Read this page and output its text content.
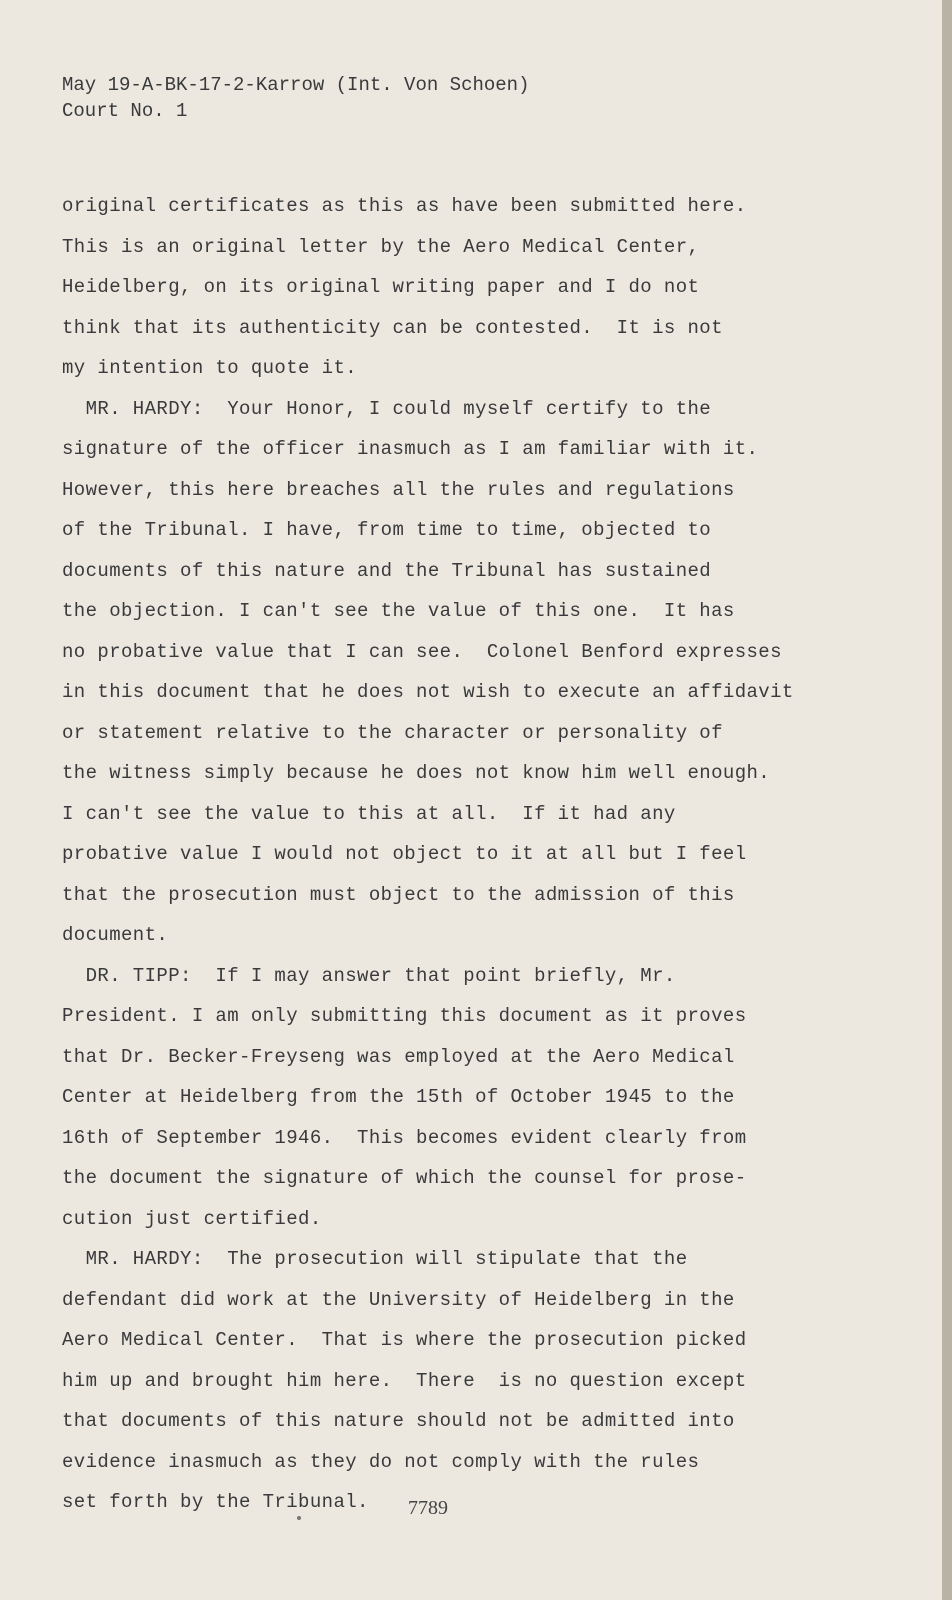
May 19-A-BK-17-2-Karrow (Int. Von Schoen)
Court No. 1
original certificates as this as have been submitted here.
This is an original letter by the Aero Medical Center,
Heidelberg, on its original writing paper and I do not
think that its authenticity can be contested.  It is not
my intention to quote it.
MR. HARDY:  Your Honor, I could myself certify to the
signature of the officer inasmuch as I am familiar with it.
However, this here breaches all the rules and regulations
of the Tribunal. I have, from time to time, objected to
documents of this nature and the Tribunal has sustained
the objection. I can't see the value of this one.  It has
no probative value that I can see.  Colonel Benford expresses
in this document that he does not wish to execute an affidavit
or statement relative to the character or personality of
the witness simply because he does not know him well enough.
I can't see the value to this at all.  If it had any
probative value I would not object to it at all but I feel
that the prosecution must object to the admission of this
document.
DR. TIPP:  If I may answer that point briefly, Mr.
President. I am only submitting this document as it proves
that Dr. Becker-Freyseng was employed at the Aero Medical
Center at Heidelberg from the 15th of October 1945 to the
16th of September 1946.  This becomes evident clearly from
the document the signature of which the counsel for prose-
cution just certified.
MR. HARDY:  The prosecution will stipulate that the
defendant did work at the University of Heidelberg in the
Aero Medical Center.  That is where the prosecution picked
him up and brought him here.  There  is no question except
that documents of this nature should not be admitted into
evidence inasmuch as they do not comply with the rules
set forth by the Tribunal.	7789
